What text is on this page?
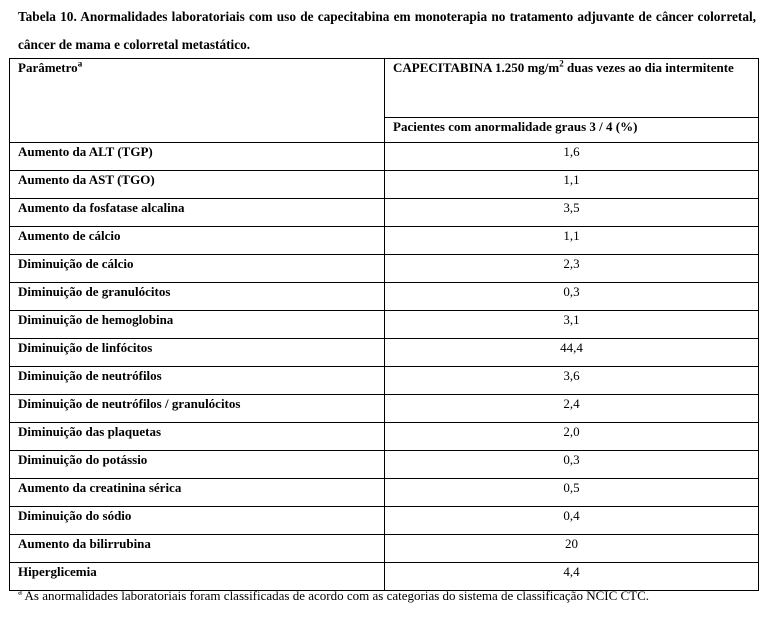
Tabela 10. Anormalidades laboratoriais com uso de capecitabina em monoterapia no tratamento adjuvante de câncer colorretal, câncer de mama e colorretal metastático.
Parâmetro$^a$	CAPECITABINA 1.250 $mg/m^2$ duas vezes ao dia intermitente
	Pacientes com anormalidade graus 3 / 4 (%)
Aumento da ALT (TGP)	1,6
Aumento da AST (TGO)	1,1
Aumento da fosfatase alcalina	3,5
Aumento de cálcio	1,1
Diminuição de cálcio	2,3
Diminuição de granulócitos	0,3
Diminuição de hemoglobina	3,1
Diminuição de linfócitos	44,4
Diminuição de neutrófilos	3,6
Diminuição de neutrófilos / granulócitos	2,4
Diminuição das plaquetas	2,0
Diminuição do potássio	0,3
Aumento da creatinina sérica	0,5
Diminuição do sódio	0,4
Aumento da bilirrubina	20
Hiperglicemia	4,4
$^a$ As anormalidades laboratoriais foram classificadas de acordo com as categorias do sistema de classificação NCIC CTC.
